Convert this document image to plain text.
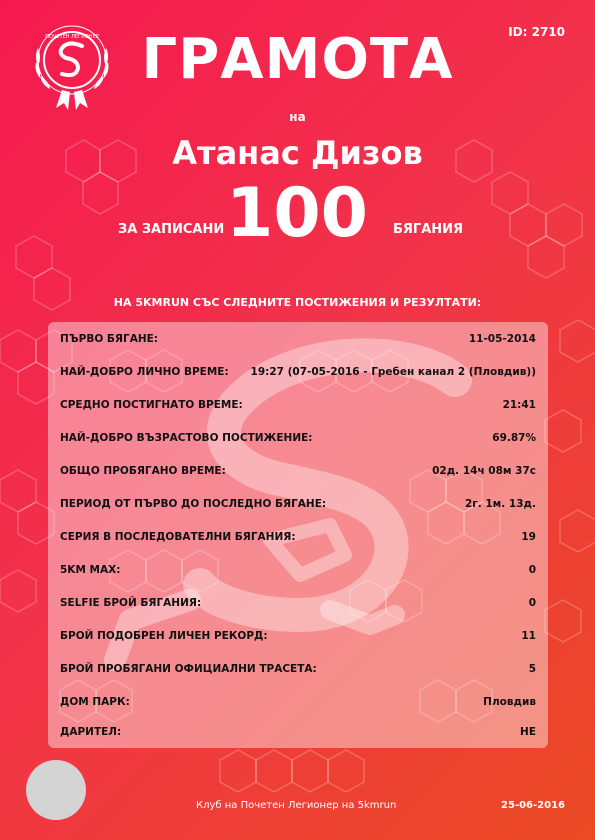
ПОЧЕТЕН ЛЕГИОНЕР	ID: 2710
ГРАМОТА
на
Атанас Дизов
ЗА ЗАПИСАНИ 100 БЯГАНИЯ
НА 5KMRUN СЪС СЛЕДНИТЕ ПОСТИЖЕНИЯ И РЕЗУЛТАТИ:
ПЪРВО БЯГАНЕ:	11-05-2014
НАЙ-ДОБРО ЛИЧНО ВРЕМЕ: 19:27 (07-05-2016 - Гребен канал 2 (Пловдив))
СРЕДНО ПОСТИГНАТО ВРЕМЕ:	21:41
НАЙ-ДОБРО ВЪЗРАСТОВО ПОСТИЖЕНИЕ:	69.87%
ОБЩО ПРОБЯГАНО ВРЕМЕ:	02д. 14ч 08м 37с
ПЕРИОД ОТ ПЪРВО ДО ПОСЛЕДНО БЯГАНЕ:	2г. 1м. 13д.
СЕРИЯ В ПОСЛЕДОВАТЕЛНИ БЯГАНИЯ:	19
5KM MAX:	0
SELFIE БРОЙ БЯГАНИЯ:	0
БРОЙ ПОДОБРЕН ЛИЧЕН РЕКОРД:	11
БРОЙ ПРОБЯГАНИ ОФИЦИАЛНИ ТРАСЕТА:	5
ДОМ ПАРК:	Пловдив
ДАРИТЕЛ:	НЕ
Клуб на Почетен Легионер на 5kmrun	25-06-2016
